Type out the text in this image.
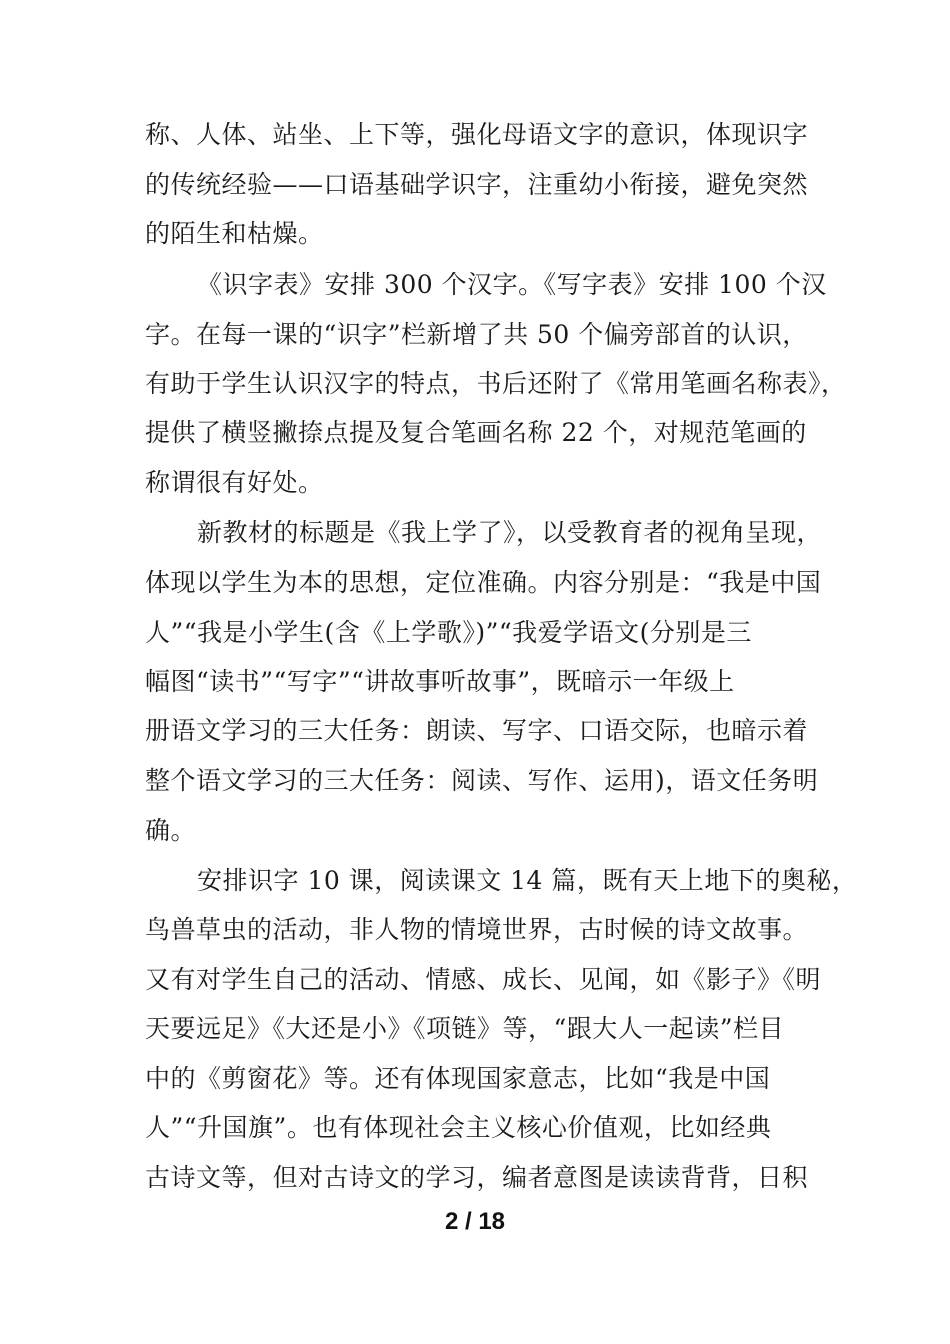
称、人体、站坐、上下等，强化母语文字的意识，体现识字
的传统经验——口语基础学识字，注重幼小衔接，避免突然
的陌生和枯燥。
《识字表》安排 300 个汉字。《写字表》安排 100 个汉
字。在每一课的“识字”栏新增了共 50 个偏旁部首的认识，
有助于学生认识汉字的特点，书后还附了《常用笔画名称表》，
提供了横竖撇捺点提及复合笔画名称 22 个，对规范笔画的
称谓很有好处。
新教材的标题是《我上学了》，以受教育者的视角呈现，
体现以学生为本的思想，定位准确。内容分别是：“我是中国
人”“我是小学生(含《上学歌》)”“我爱学语文(分别是三
幅图“读书”“写字”“讲故事听故事”，既暗示一年级上
册语文学习的三大任务：朗读、写字、口语交际，也暗示着
整个语文学习的三大任务：阅读、写作、运用)，语文任务明
确。
安排识字 10 课，阅读课文 14 篇，既有天上地下的奥秘，
鸟兽草虫的活动，非人物的情境世界，古时候的诗文故事。
又有对学生自己的活动、情感、成长、见闻，如《影子》《明
天要远足》《大还是小》《项链》等，“跟大人一起读”栏目
中的《剪窗花》等。还有体现国家意志，比如“我是中国
人”“升国旗”。也有体现社会主义核心价值观，比如经典
古诗文等，但对古诗文的学习，编者意图是读读背背，日积
2 / 18
